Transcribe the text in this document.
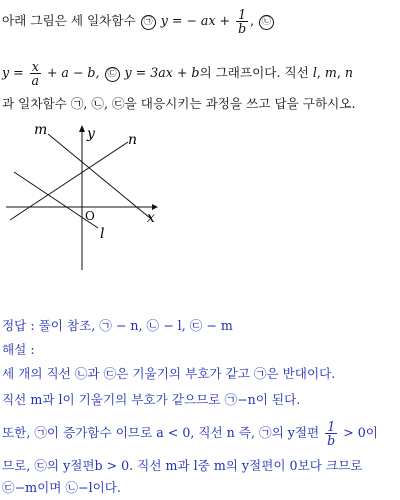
아래 그림은 세 일차함수 ㉠ y = − ax + $\frac{1}{b}$ , ㉡
$y = \frac{x}{a} + a - b$, ㉢ y = 3ax + b의 그래프이다. 직선 l, m, n
과 일차함수 ㉠, ㉡, ㉢을 대응시키는 과정을 쓰고 답을 구하시오.
m	y n
O	x
l
정답 : 풀이 참조, ㉠ − n, ㉡ − l, ㉢ − m
해설 :
세 개의 직선 ㉡과 ㉢은 기울기의 부호가 같고 ㉠은 반대이다.
직선 m과 l이 기울기의 부호가 같으므로 ㉠−n이 된다.
또한, ㉠이 증가함수 이므로 a < 0, 직선 n 즉, ㉠의 y절편 $\frac{1}{b} > 0$이
므로, ㉢의 y절편b > 0. 직선 m과 l중 m의 y절편이 0보다 크므로
㉢−m이며 ㉡−l이다.
